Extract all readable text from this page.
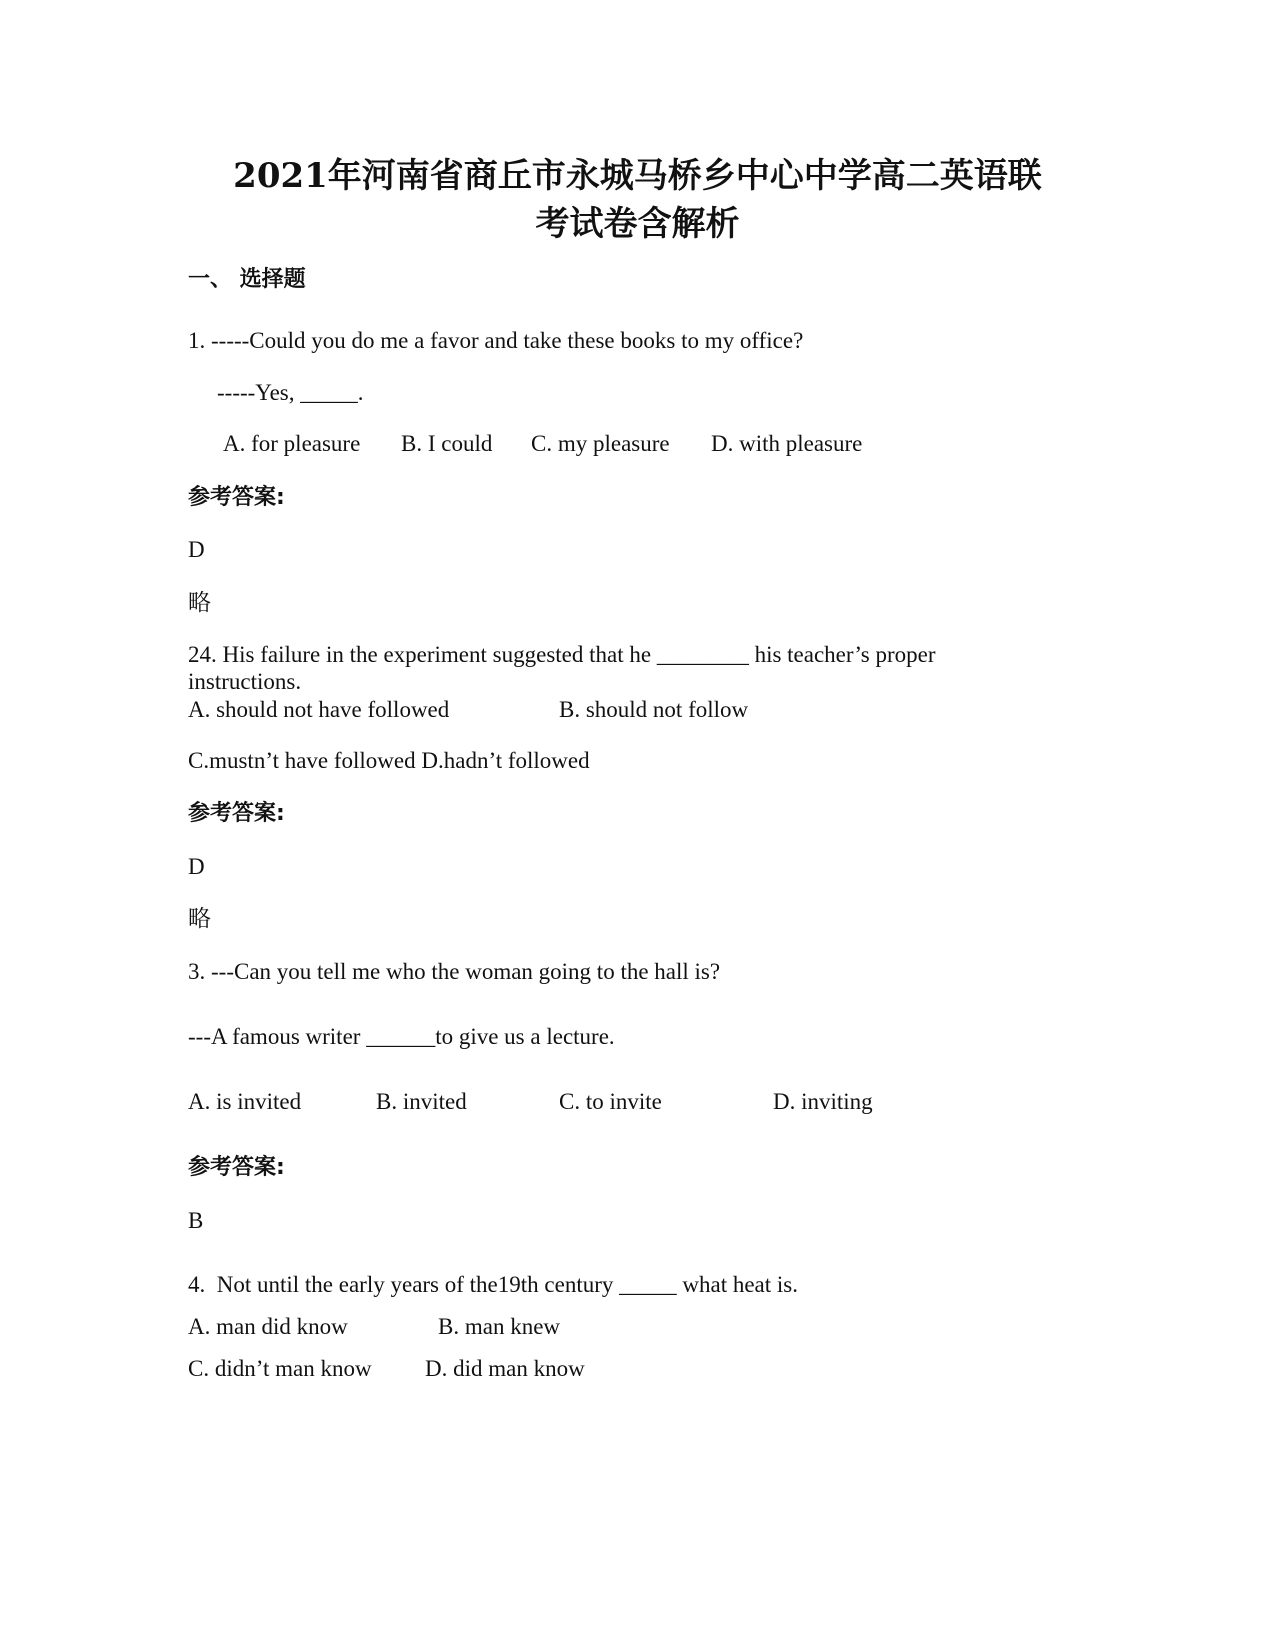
2021年河南省商丘市永城马桥乡中心中学高二英语联
考试卷含解析
一、 选择题
1. -----Could you do me a favor and take these books to my office?
-----Yes, _____.
A. for pleasure B. I could C. my pleasure D. with pleasure
参考答案:
D
略
24. His failure in the experiment suggested that he ________ his teacher’s proper
instructions.
A. should not have followed	B. should not follow
C.mustn’t have followed D.hadn’t followed
参考答案:
D
略
3. ---Can you tell me who the woman going to the hall is?
---A famous writer ______to give us a lecture.
A. is invited	B. invited	C. to invite	D. inviting
参考答案:
B
4.  Not until the early years of the19th century _____ what heat is.
A. man did know	B. man knew
C. didn’t man know D. did man know
